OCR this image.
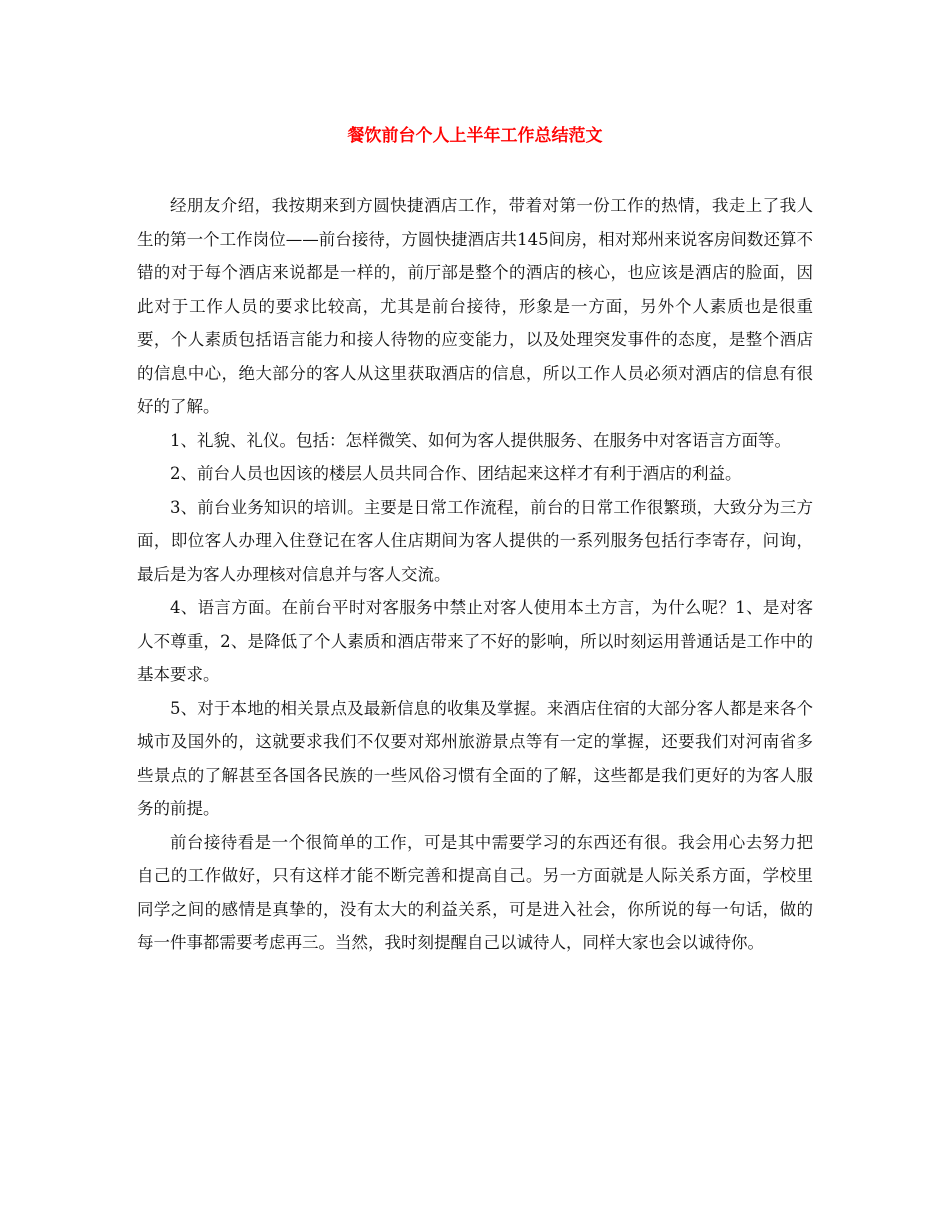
餐饮前台个人上半年工作总结范文

经朋友介绍，我按期来到方圆快捷酒店工作，带着对第一份工作的热情，我走上了我人生的第一个工作岗位——前台接待，方圆快捷酒店共145间房，相对郑州来说客房间数还算不错的对于每个酒店来说都是一样的，前厅部是整个的酒店的核心，也应该是酒店的脸面，因此对于工作人员的要求比较高，尤其是前台接待，形象是一方面，另外个人素质也是很重要，个人素质包括语言能力和接人待物的应变能力，以及处理突发事件的态度，是整个酒店的信息中心，绝大部分的客人从这里获取酒店的信息，所以工作人员必须对酒店的信息有很好的了解。

1、礼貌、礼仪。包括：怎样微笑、如何为客人提供服务、在服务中对客语言方面等。

2、前台人员也因该的楼层人员共同合作、团结起来这样才有利于酒店的利益。

3、前台业务知识的培训。主要是日常工作流程，前台的日常工作很繁琐，大致分为三方面，即位客人办理入住登记在客人住店期间为客人提供的一系列服务包括行李寄存，问询，最后是为客人办理核对信息并与客人交流。

4、语言方面。在前台平时对客服务中禁止对客人使用本土方言，为什么呢？1、是对客人不尊重，2、是降低了个人素质和酒店带来了不好的影响，所以时刻运用普通话是工作中的基本要求。

5、对于本地的相关景点及最新信息的收集及掌握。来酒店住宿的大部分客人都是来各个城市及国外的，这就要求我们不仅要对郑州旅游景点等有一定的掌握，还要我们对河南省多些景点的了解甚至各国各民族的一些风俗习惯有全面的了解，这些都是我们更好的为客人服务的前提。

前台接待看是一个很简单的工作，可是其中需要学习的东西还有很。我会用心去努力把自己的工作做好，只有这样才能不断完善和提高自己。另一方面就是人际关系方面，学校里同学之间的感情是真挚的，没有太大的利益关系，可是进入社会，你所说的每一句话，做的每一件事都需要考虑再三。当然，我时刻提醒自己以诚待人，同样大家也会以诚待你。
